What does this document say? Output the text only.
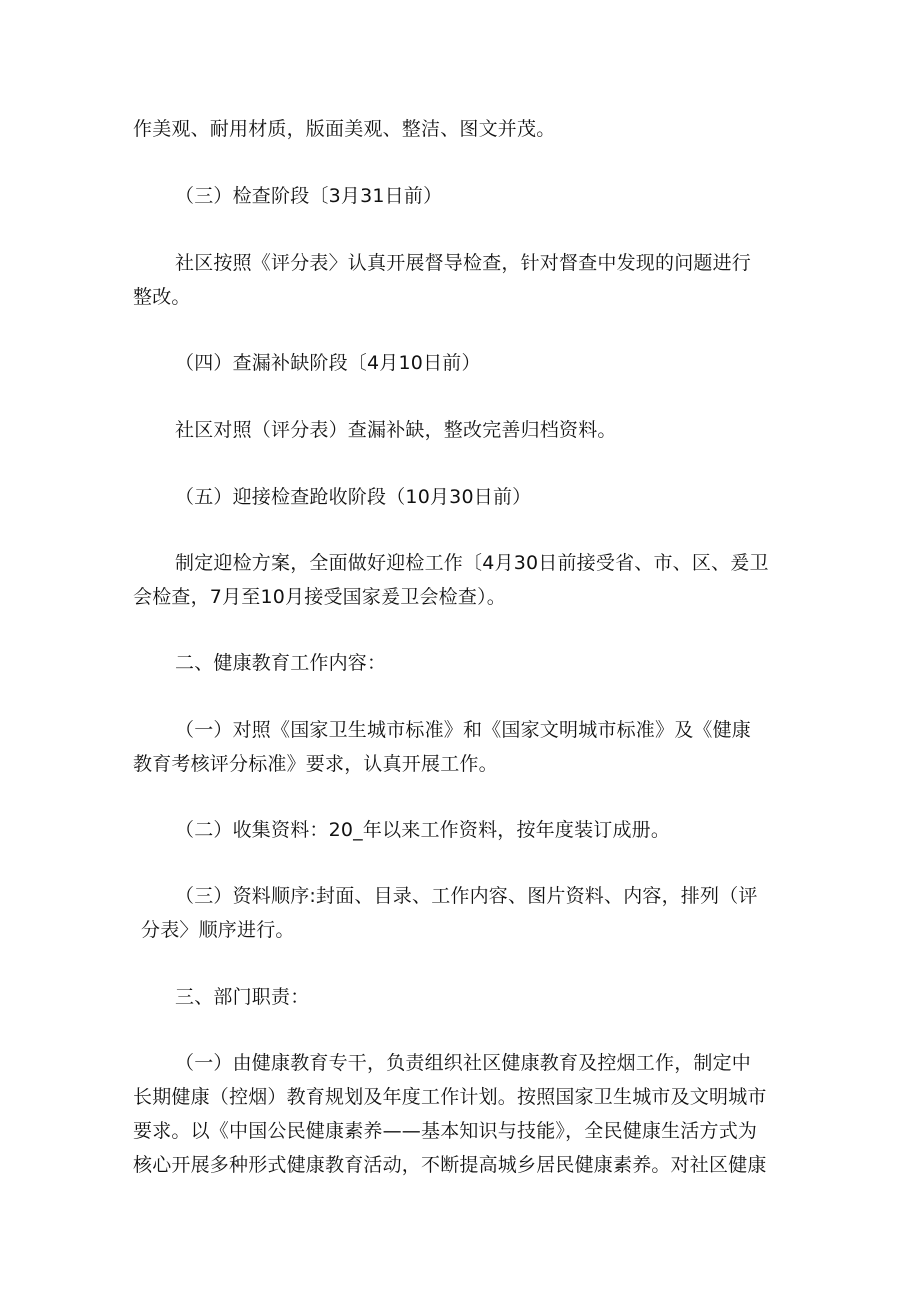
作美观、耐用材质，版面美观、整洁、图文并茂。
（三）检查阶段〔3月31日前）
社区按照《评分表〉认真开展督导检查，针对督查中发现的问题进行
整改。
（四）查漏补缺阶段〔4月10日前）
社区对照（评分表）查漏补缺，整改完善归档资料。
（五）迎接检查跄收阶段（10月30日前）
制定迎检方案，全面做好迎检工作〔4月30日前接受省、市、区、爰卫
会检查，7月至10月接受国家爰卫会检查）。
二、健康教育工作内容：
（一）对照《国家卫生城市标准》和《国家文明城市标准》及《健康
教育考核评分标准》要求，认真开展工作。
（二）收集资料：20_年以来工作资料，按年度装订成册。
（三）资料顺序:封面、目录、工作内容、图片资料、内容，排列（评
分表〉顺序进行。
三、部门职责：
（一）由健康教育专干，负责组织社区健康教育及控烟工作，制定中
长期健康（控烟）教育规划及年度工作计划。按照国家卫生城市及文明城市
要求。以《中国公民健康素养——基本知识与技能》，全民健康生活方式为
核心开展多种形式健康教育活动，不断提高城乡居民健康素养。对社区健康
